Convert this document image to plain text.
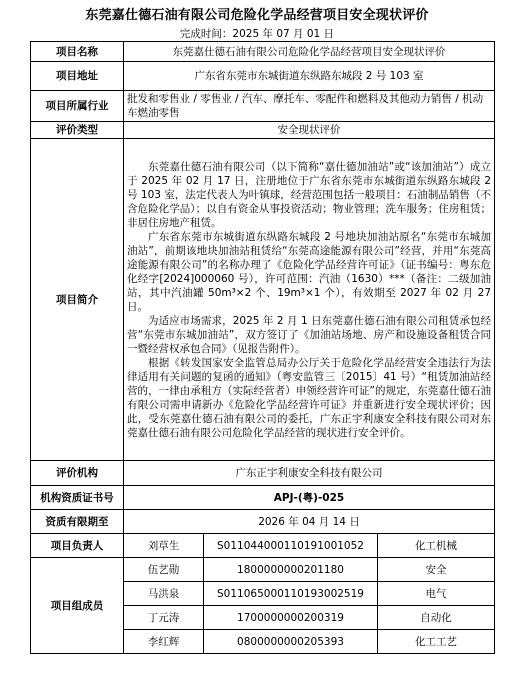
东莞嘉仕德石油有限公司危险化学品经营项目安全现状评价
完成时间：2025 年 07 月 01 日
项目名称	东莞嘉仕德石油有限公司危险化学品经营项目安全现状评价		
项目地址	广东省东莞市东城街道东纵路东城段 2 号 103 室		
项目所属行业	批发和零售业 / 零售业 / 汽车、摩托车、零配件和燃料及其他动力销售 / 机动车燃油零售		
评价类型	安全现状评价		
项目简介	东莞嘉仕德石油有限公司（以下简称“嘉仕德加油站”或“该加油站”）成立于 2025 年 02 月 17 日，注册地位于广东省东莞市东城街道东纵路东城段 2 号 103 室，法定代表人为叶镇球，经营范围包括一般项目：石油制品销售（不含危险化学品）；以自有资金从事投资活动；物业管理；洗车服务；住房租赁；非居住房地产租赁。

广东省东莞市东城街道东纵路东城段 2 号地块加油站原名“东莞市东城加油站”，前期该地块加油站租赁给“东莞高途能源有限公司”经营，并用“东莞高途能源有限公司”的名称办理了《危险化学品经营许可证》（证书编号：粤东危化经字[2024]000060 号），许可范围：汽油（1630）***（备注：二级加油站，其中汽油罐 50m³×2 个、19m³×1 个），有效期至 2027 年 02 月 27 日。

为适应市场需求，2025 年 2 月 1 日东莞嘉仕德石油有限公司租赁承包经营“东莞市东城加油站”，双方签订了《加油站场地、房产和设施设备租赁合同一暨经营权承包合同》（见报告附件）。

根据《转发国家安全监管总局办公厅关于危险化学品经营安全违法行为法律适用有关问题的复函的通知》（粤安监管三〔2015〕41 号）“租赁加油站经营的，一律由承租方（实际经营者）申领经营许可证”的规定，东莞嘉仕德石油有限公司需申请新办《危险化学品经营许可证》并重新进行安全现状评价；因此，受东莞嘉仕德石油有限公司的委托，广东正宇利康安全科技有限公司对东莞嘉仕德石油有限公司危险化学品经营的现状进行安全评价。		

评价机构	广东正宇利康安全科技有限公司		
机构资质证书号	APJ-(粤)-025		
资质有限期至	2026 年 04 月 14 日		
项目负责人	刘草生	S011044000110191001052	化工机械
项目组成员	伍艺勋	1800000000201180	安全
	马洪泉	S011065000110193002519	电气
	丁元涛	1700000000200319	自动化
	李红辉	0800000000205393	化工工艺
